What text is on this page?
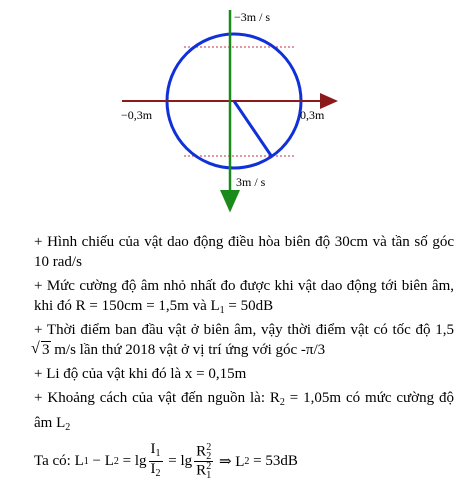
−3m / s
3m / s
−0,3m	0,3m
+ Hình chiếu của vật dao động điều hòa biên độ 30cm và tần số góc 10 rad/s
+ Mức cường độ âm nhỏ nhất đo được khi vật dao động tới biên âm, khi đó R = 150cm = 1,5m và $L_1 = 50dB$
+ Thời điểm ban đầu vật ở biên âm, vậy thời điểm vật có tốc độ 1,5√ 3 m/s lần thứ 2018 vật ở vị trí ứng với góc -π/3
+ Li độ của vật khi đó là x = 0,15m
+ Khoảng cách của vật đến nguồn là: $R_2 = 1,05m$ có mức cường độ âm $L_2$
Ta có: L 1 − L $2 = \lg \frac{I_1}{I_2} = \lg R$ 2
2
R 2
1 ⇒ L 2 = 53dB
